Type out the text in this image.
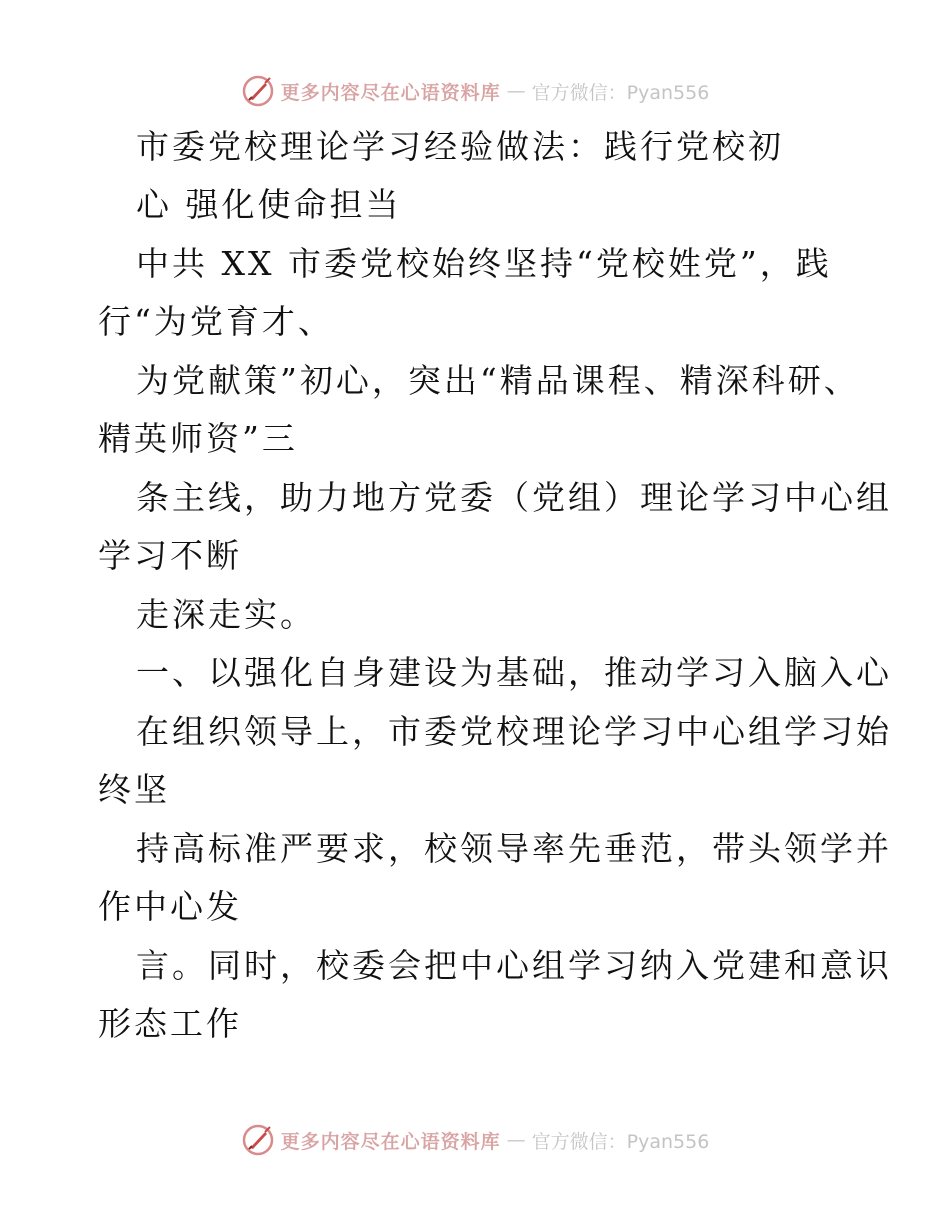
更多内容尽在心语资料库 — 官方微信：Pyan556
市委党校理论学习经验做法：践行党校初
心 强化使命担当
中共 XX 市委党校始终坚持“党校姓党”，践
行“为党育才、
为党献策”初心，突出“精品课程、精深科研、
精英师资”三
条主线，助力地方党委（党组）理论学习中心组
学习不断
走深走实。
一、以强化自身建设为基础，推动学习入脑入心
在组织领导上，市委党校理论学习中心组学习始
终坚
持高标准严要求，校领导率先垂范，带头领学并
作中心发
言。同时，校委会把中心组学习纳入党建和意识
形态工作
更多内容尽在心语资料库 — 官方微信：Pyan556
